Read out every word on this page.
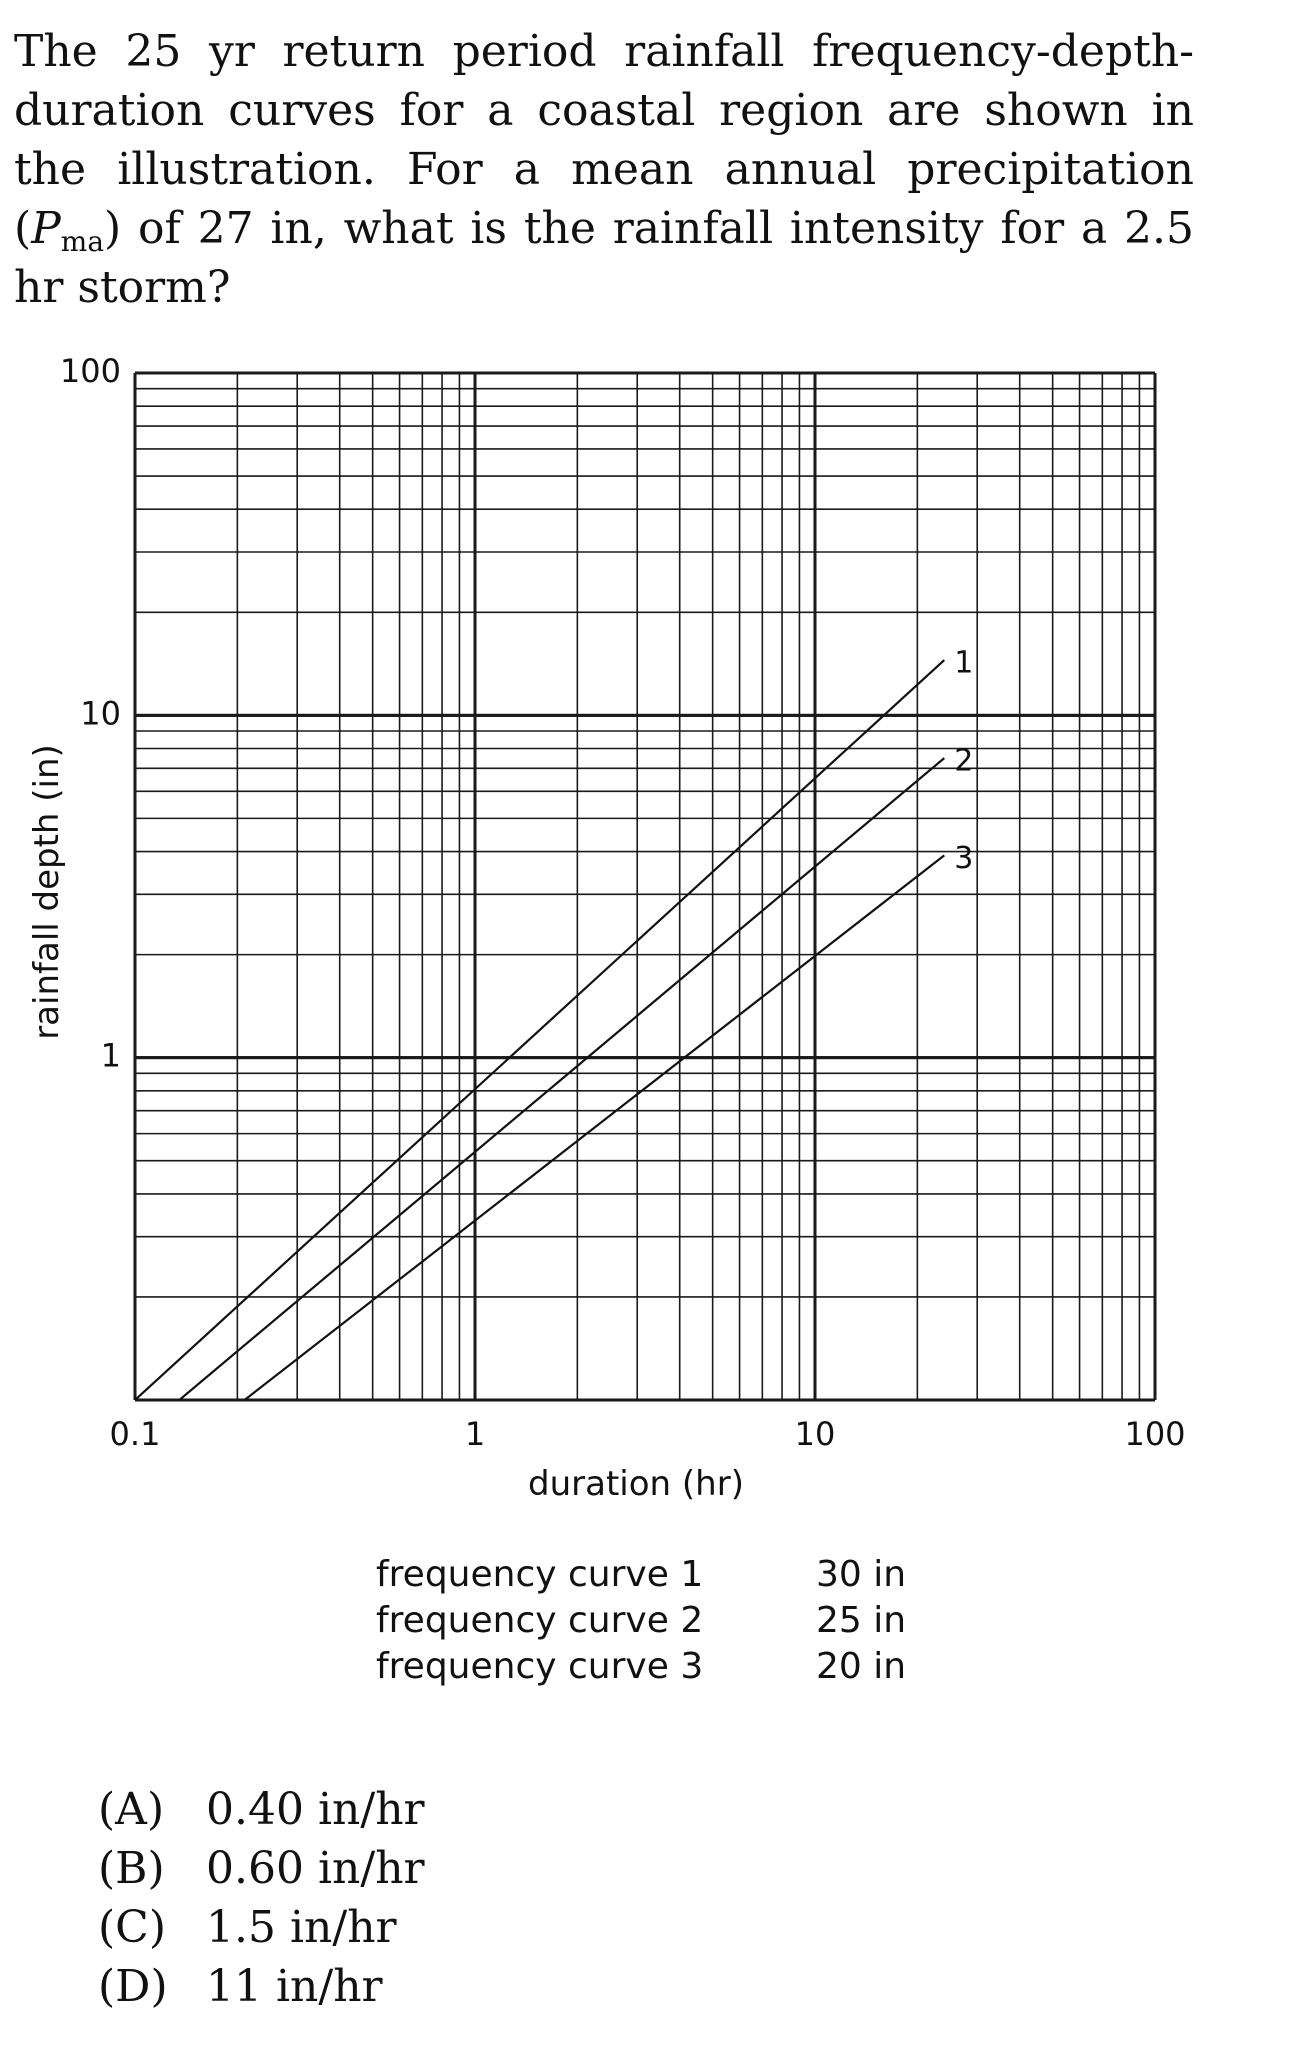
The 25 yr return period rainfall frequency-depth-duration curves for a coastal region are shown in the illustration. For a mean annual precipitation $(P_{ma})$ of 27 in, what is the rainfall intensity for a 2.5 hr storm?
1
2
3
0.1	1	10	100
1
10
100
duration (hr)
rainfall depth (in)
frequency curve 1	30 in
frequency curve 2	25 in
frequency curve 3	20 in
(A) 0.40 in/hr
(B) 0.60 in/hr
(C) 1.5 in/hr
(D) 11 in/hr
